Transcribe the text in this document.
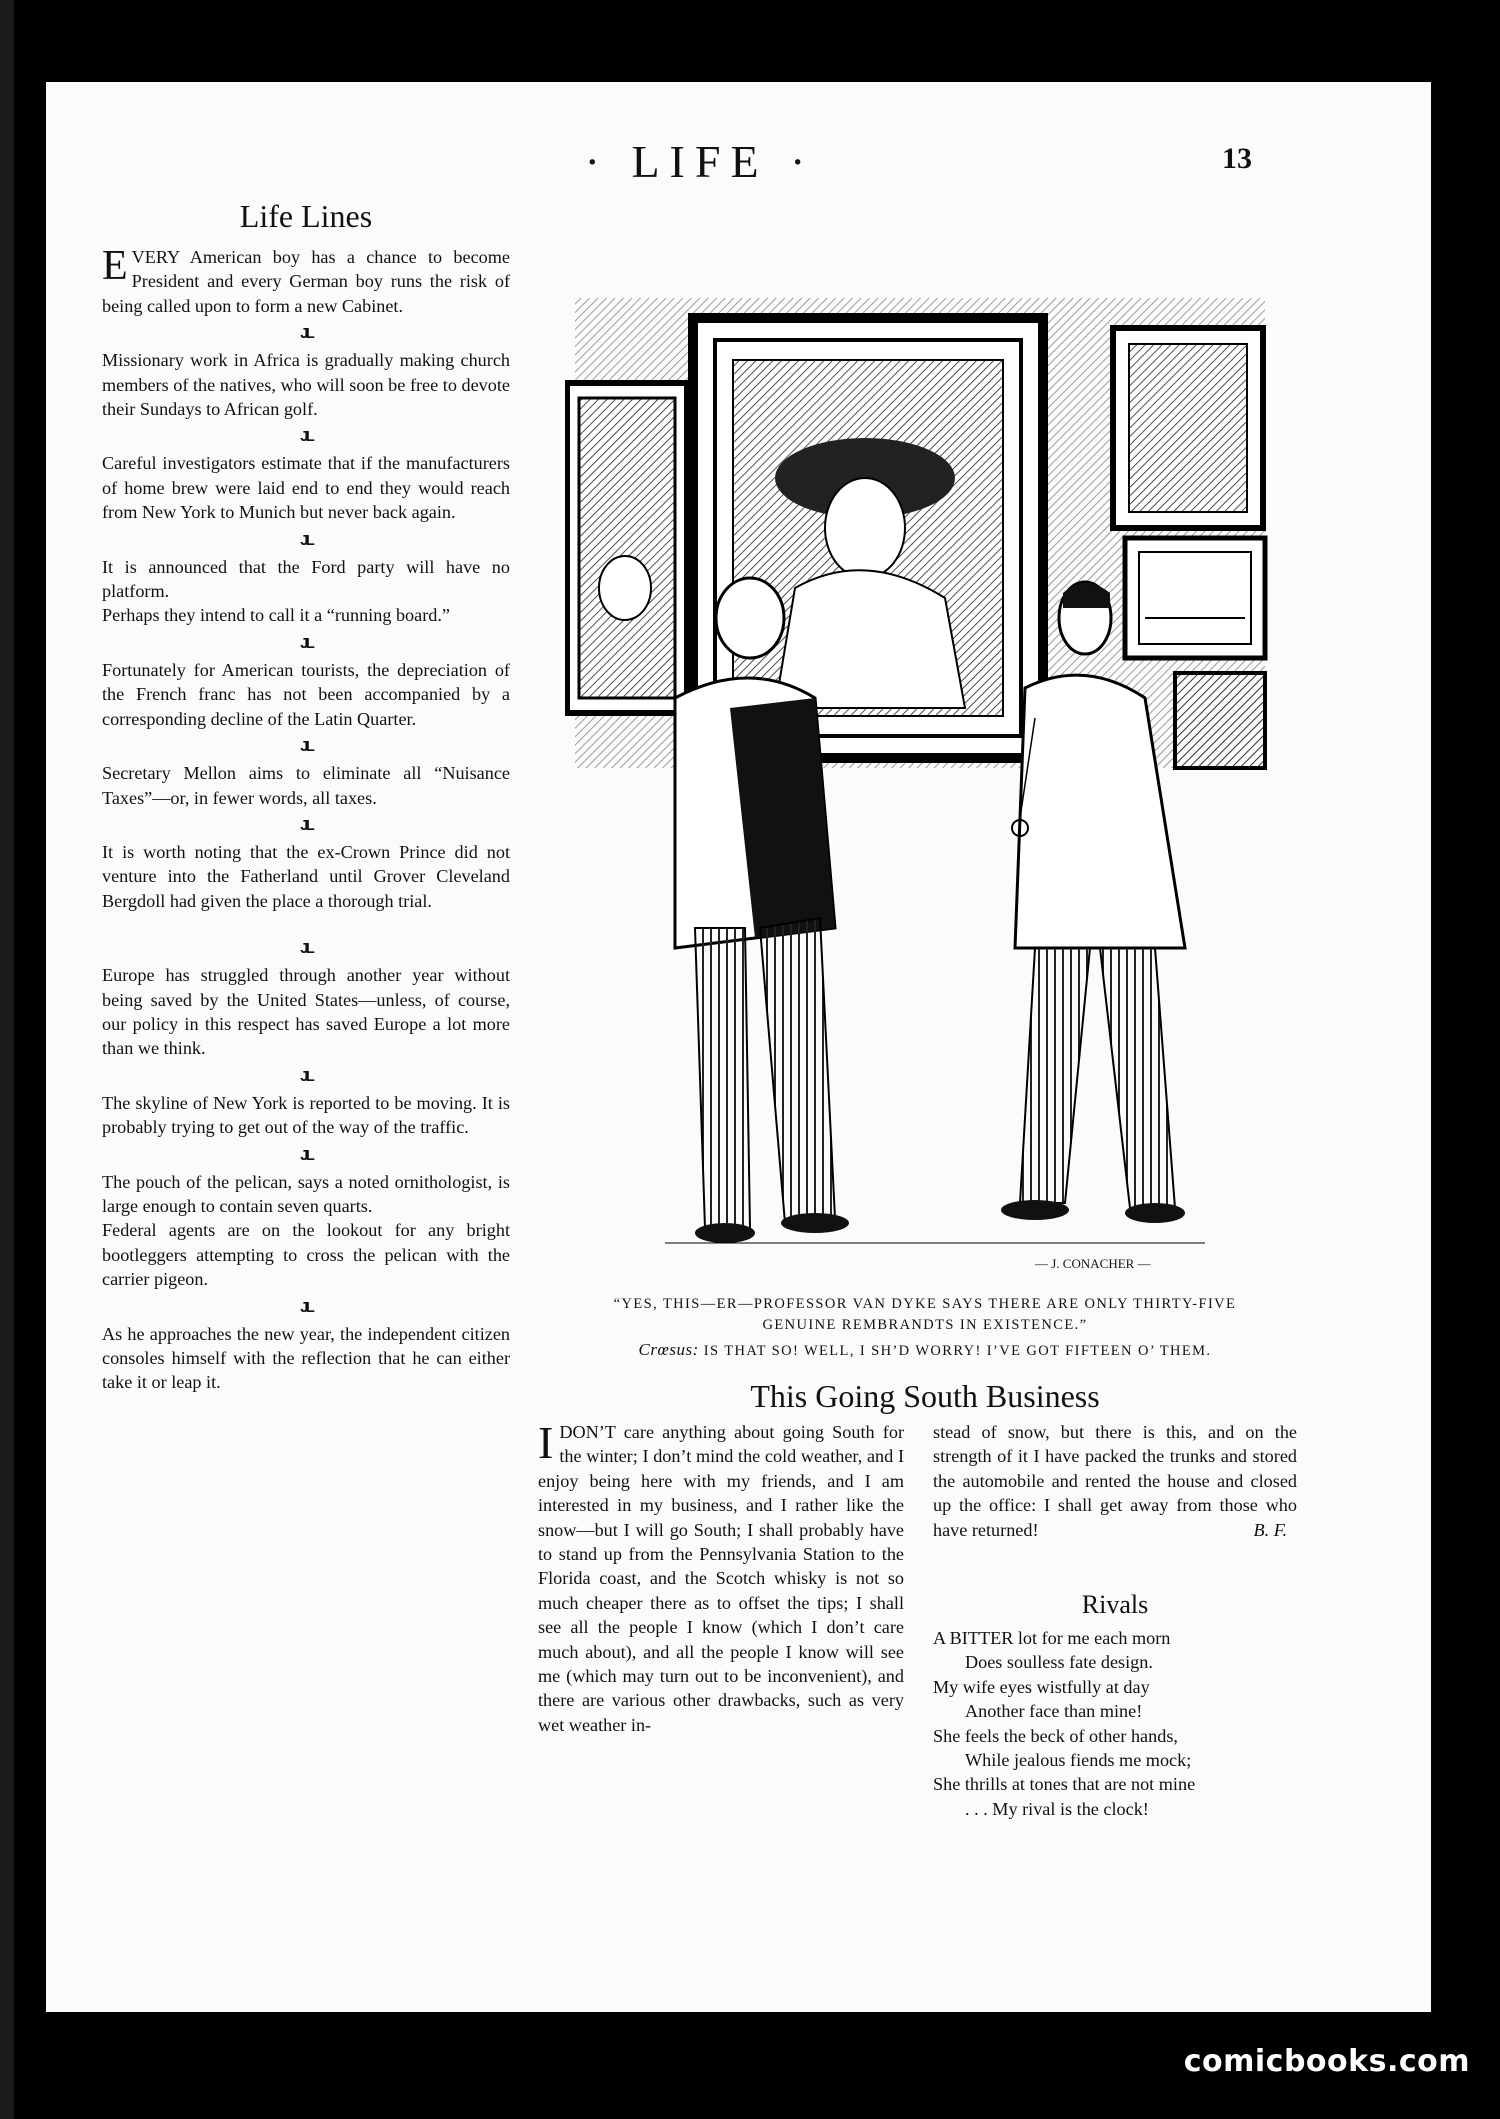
· LIFE ·	13
Life Lines

EVERY American boy has a chance to become President and every German boy runs the risk of being called upon to form a new Cabinet.

JL

Missionary work in Africa is gradually making church members of the natives, who will soon be free to devote their Sundays to African golf.

JL

Careful investigators estimate that if the manufacturers of home brew were laid end to end they would reach from New York to Munich but never back again.

JL

It is announced that the Ford party will have no platform.
Perhaps they intend to call it a “running board.”

JL

Fortunately for American tourists, the depreciation of the French franc has not been accompanied by a corresponding decline of the Latin Quarter.

JL

Secretary Mellon aims to eliminate all “Nuisance Taxes”—or, in fewer words, all taxes.

JL

It is worth noting that the ex-Crown Prince did not venture into the Fatherland until Grover Cleveland Bergdoll had given the place a thorough trial.

JL

Europe has struggled through another year without being saved by the United States—unless, of course, our policy in this respect has saved Europe a lot more than we think.

JL

The skyline of New York is reported to be moving. It is probably trying to get out of the way of the traffic.

JL

The pouch of the pelican, says a noted ornithologist, is large enough to contain seven quarts.
Federal agents are on the lookout for any bright bootleggers attempting to cross the pelican with the carrier pigeon.

JL

As he approaches the new year, the independent citizen consoles himself with the reflection that he can either take it or leap it.

— J. CONACHER —
“YES, THIS—ER—PROFESSOR VAN DYKE SAYS THERE ARE ONLY THIRTY-FIVE
GENUINE REMBRANDTS IN EXISTENCE.”
Crœsus: IS THAT SO! WELL, I SH’D WORRY! I’VE GOT FIFTEEN O’ THEM.
This Going South Business
IDON’T care anything about going South for the winter; I don’t mind the cold weather, and I enjoy being here with my friends, and I am interested in my business, and I rather like the snow—but I will go South; I shall probably have to stand up from the Pennsylvania Station to the Florida coast, and the Scotch whisky is not so much cheaper there as to offset the tips; I shall see all the people I know (which I don’t care much about), and all the people I know will see me (which may turn out to be inconvenient), and there are various other drawbacks, such as very wet weather in-
stead of snow, but there is this, and on the strength of it I have packed the trunks and stored the automobile and rented the house and closed up the office: I shall get away from those who have returned!	B. F.
Rivals
A BITTER lot for me each morn
Does soulless fate design.
My wife eyes wistfully at day
Another face than mine!
She feels the beck of other hands,
While jealous fiends me mock;
She thrills at tones that are not mine
. . . My rival is the clock!
comicbooks.com
